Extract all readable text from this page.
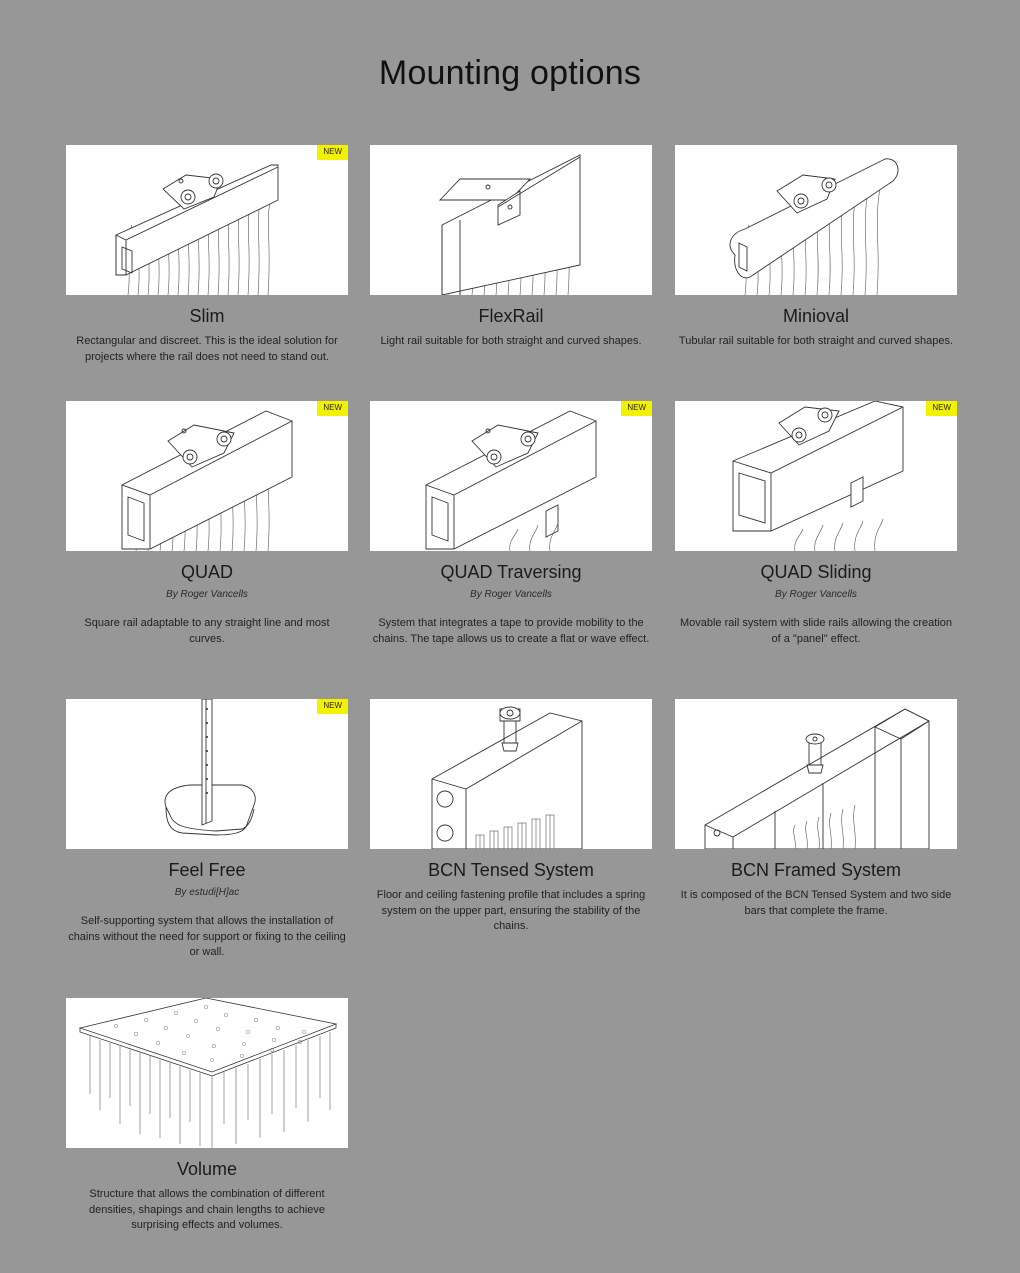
Mounting options
NEW
Slim
Rectangular and discreet. This is the ideal solution for projects where the rail does not need to stand out.
FlexRail
Light rail suitable for both straight and curved shapes.
Minioval
Tubular rail suitable for both straight and curved shapes.
NEW
QUAD
By Roger Vancells
Square rail adaptable to any straight line and most curves.
NEW
QUAD Traversing
By Roger Vancells
System that integrates a tape to provide mobility to the chains. The tape allows us to create a flat or wave effect.
NEW
QUAD Sliding
By Roger Vancells
Movable rail system with slide rails allowing the creation of a "panel" effect.
NEW
Feel Free
By estudi[H]ac
Self-supporting system that allows the installation of chains without the need for support or fixing to the ceiling or wall.
BCN Tensed System
Floor and ceiling fastening profile that includes a spring system on the upper part, ensuring the stability of the chains.
BCN Framed System
It is composed of the BCN Tensed System and two side bars that complete the frame.
Volume
Structure that allows the combination of different densities, shapings and chain lengths to achieve surprising effects and volumes.
